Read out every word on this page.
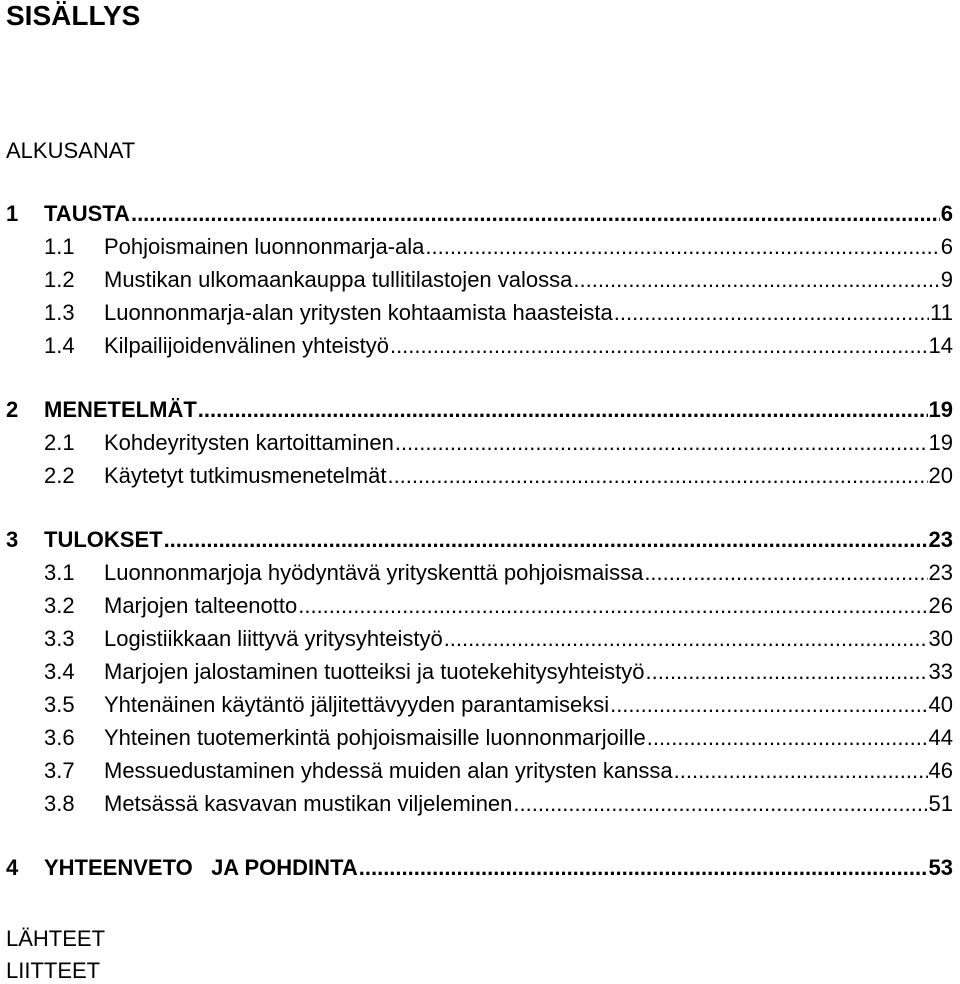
SISÄLLYS
ALKUSANAT
1	TAUSTA .....	6
1.1	Pohjoismainen luonnonmarja-ala .....	6
1.2	Mustikan ulkomaankauppa tullitilastojen valossa .....	9
1.3	Luonnonmarja-alan yritysten kohtaamista haasteista .....	11
1.4	Kilpailijoidenvälinen yhteistyö .....	14
2	MENETELMÄT .....	19
2.1	Kohdeyritysten kartoittaminen .....	19
2.2	Käytetyt tutkimusmenetelmät .....	20
3	TULOKSET .....	23
3.1	Luonnonmarjoja hyödyntävä yrityskenttä pohjoismaissa .....	23
3.2	Marjojen talteenotto .....	26
3.3	Logistiikkaan liittyvä yritysyhteistyö .....	30
3.4	Marjojen jalostaminen tuotteiksi ja tuotekehitysyhteistyö .....	33
3.5	Yhtenäinen käytäntö jäljitettävyyden parantamiseksi .....	40
3.6	Yhteinen tuotemerkintä pohjoismaisille luonnonmarjoille .....	44
3.7	Messuedustaminen yhdessä muiden alan yritysten kanssa .....	46
3.8	Metsässä kasvavan mustikan viljeleminen .....	51
4	YHTEENVETO   JA POHDINTA .....	53
LÄHTEET
LIITTEET
